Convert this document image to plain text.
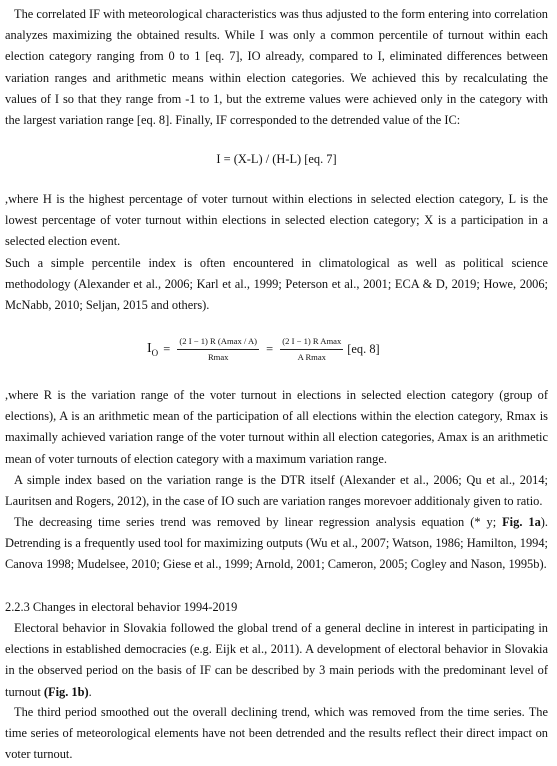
The correlated IF with meteorological characteristics was thus adjusted to the form entering into correlation analyzes maximizing the obtained results. While I was only a common percentile of turnout within each election category ranging from 0 to 1 [eq. 7], IO already, compared to I, eliminated differences between variation ranges and arithmetic means within election categories. We achieved this by recalculating the values of I so that they range from -1 to 1, but the extreme values were achieved only in the category with the largest variation range [eq. 8]. Finally, IF corresponded to the detrended value of the IC:

I = (X-L) / (H-L) [eq. 7]

,where H is the highest percentage of voter turnout within elections in selected election category, L is the lowest percentage of voter turnout within elections in selected election category; X is a participation in a selected election event.

Such a simple percentile index is often encountered in climatological as well as political science methodology (Alexander et al., 2006; Karl et al., 1999; Peterson et al., 2001; ECA & D, 2019; Howe, 2006; McNabb, 2010; Seljan, 2015 and others).

$I_O = \frac{(2 I - 1) R (Amax / A)}{Rmax} = \frac{\text{(2 I − 1) R Amax}}{\text{A Rmax}} [eq$. 8]

,where R is the variation range of the voter turnout in elections in selected election category (group of elections), A is an arithmetic mean of the participation of all elections within the election category, Rmax is maximally achieved variation range of the voter turnout within all election categories, Amax is an arithmetic mean of voter turnouts of election category with a maximum variation range.

A simple index based on the variation range is the DTR itself (Alexander et al., 2006; Qu et al., 2014; Lauritsen and Rogers, 2012), in the case of IO such are variation ranges morevoer additionaly given to ratio.

The decreasing time series trend was removed by linear regression analysis equation (* y; Fig. 1a). Detrending is a frequently used tool for maximizing outputs (Wu et al., 2007; Watson, 1986; Hamilton, 1994; Canova 1998; Mudelsee, 2010; Giese et al., 1999; Arnold, 2001; Cameron, 2005; Cogley and Nason, 1995b).

2.2.3 Changes in electoral behavior 1994-2019

Electoral behavior in Slovakia followed the global trend of a general decline in interest in participating in elections in established democracies (e.g. Eijk et al., 2011). A development of electoral behavior in Slovakia in the observed period on the basis of IF can be described by 3 main periods with the predominant level of turnout (Fig. 1b).

The third period smoothed out the overall declining trend, which was removed from the time series. The time series of meteorological elements have not been detrended and the results reflect their direct impact on voter turnout.
